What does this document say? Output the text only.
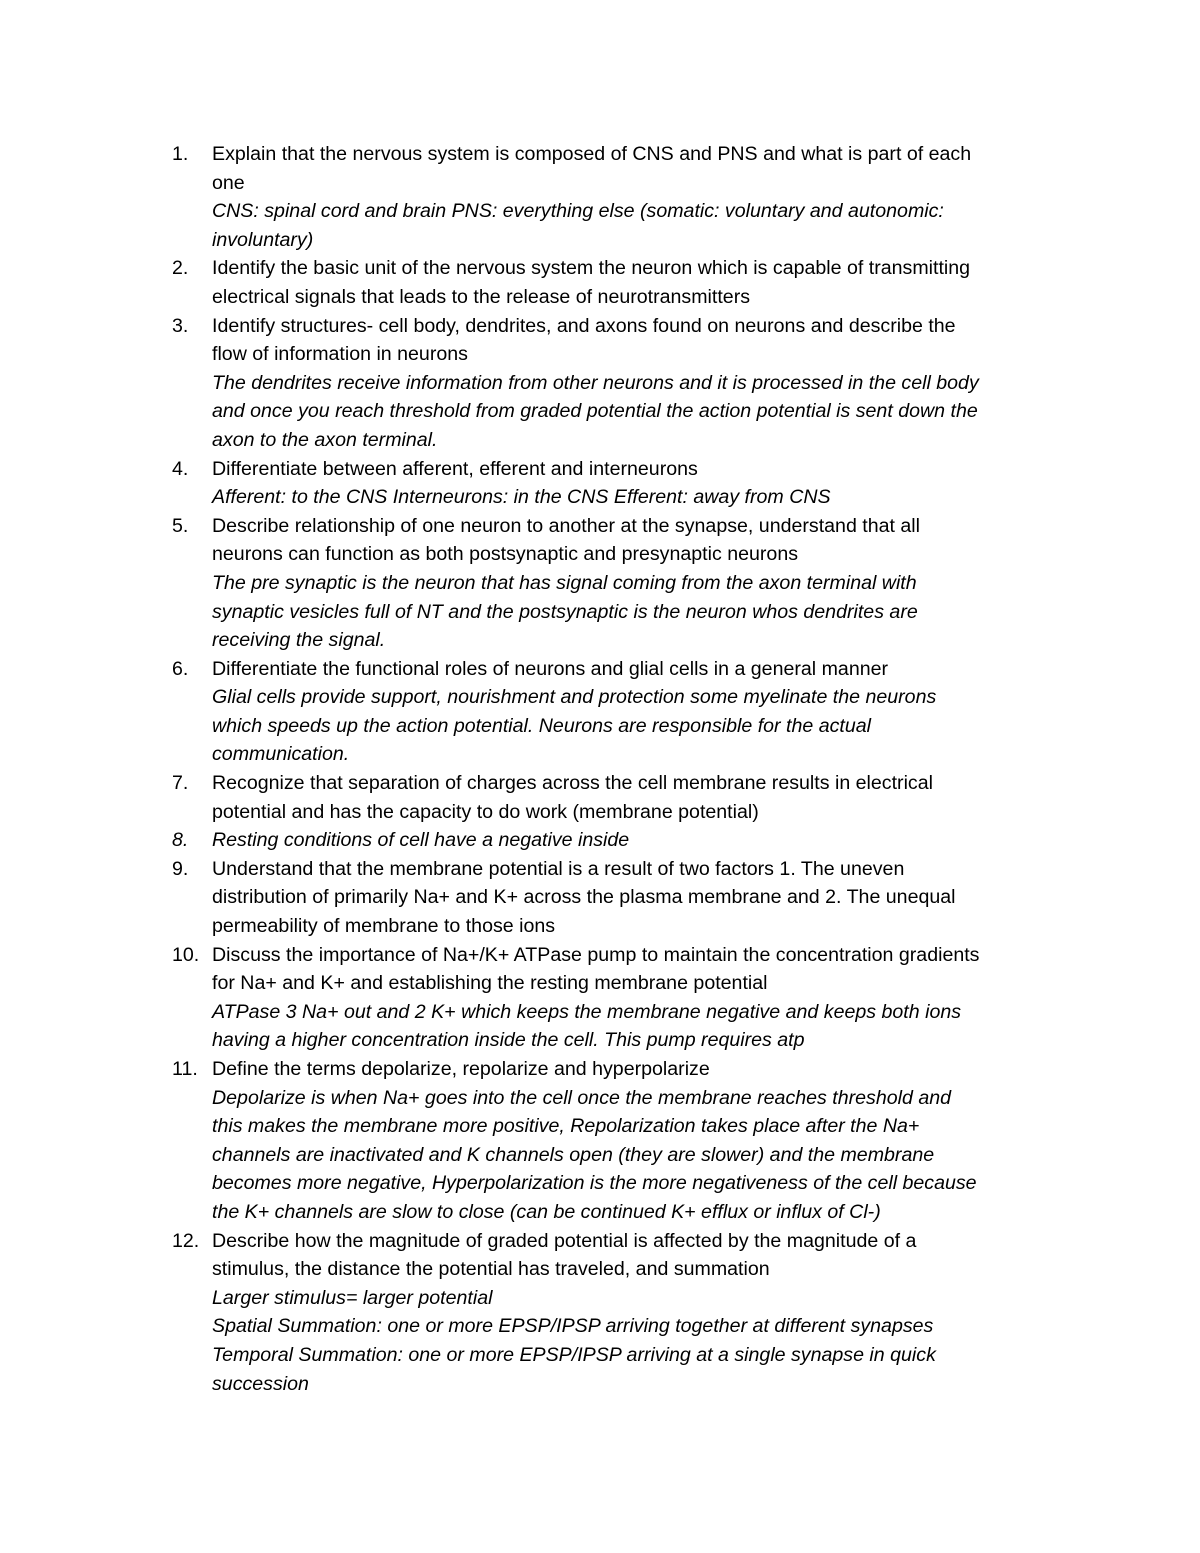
1.	Explain that the nervous system is composed of CNS and PNS and what is part of each
one
CNS: spinal cord and brain PNS: everything else (somatic: voluntary and autonomic:
involuntary)
2.	Identify the basic unit of the nervous system the neuron which is capable of transmitting
electrical signals that leads to the release of neurotransmitters
3.	Identify structures- cell body, dendrites, and axons found on neurons and describe the
flow of information in neurons
The dendrites receive information from other neurons and it is processed in the cell body
and once you reach threshold from graded potential the action potential is sent down the
axon to the axon terminal.
4.	Differentiate between afferent, efferent and interneurons
Afferent: to the CNS Interneurons: in the CNS Efferent: away from CNS
5.	Describe relationship of one neuron to another at the synapse, understand that all
neurons can function as both postsynaptic and presynaptic neurons
The pre synaptic is the neuron that has signal coming from the axon terminal with
synaptic vesicles full of NT and the postsynaptic is the neuron whos dendrites are
receiving the signal.
6.	Differentiate the functional roles of neurons and glial cells in a general manner
Glial cells provide support, nourishment and protection some myelinate the neurons
which speeds up the action potential. Neurons are responsible for the actual
communication.
7.	Recognize that separation of charges across the cell membrane results in electrical
potential and has the capacity to do work (membrane potential)
8.	Resting conditions of cell have a negative inside
9.	Understand that the membrane potential is a result of two factors 1. The uneven
distribution of primarily Na+ and K+ across the plasma membrane and 2. The unequal
permeability of membrane to those ions
10. Discuss the importance of Na+/K+ ATPase pump to maintain the concentration gradients
for Na+ and K+ and establishing the resting membrane potential
ATPase 3 Na+ out and 2 K+ which keeps the membrane negative and keeps both ions
having a higher concentration inside the cell. This pump requires atp
11. Define the terms depolarize, repolarize and hyperpolarize
Depolarize is when Na+ goes into the cell once the membrane reaches threshold and
this makes the membrane more positive, Repolarization takes place after the Na+
channels are inactivated and K channels open (they are slower) and the membrane
becomes more negative, Hyperpolarization is the more negativeness of the cell because
the K+ channels are slow to close (can be continued K+ efflux or influx of Cl-)
12. Describe how the magnitude of graded potential is affected by the magnitude of a
stimulus, the distance the potential has traveled, and summation
Larger stimulus= larger potential
Spatial Summation: one or more EPSP/IPSP arriving together at different synapses
Temporal Summation: one or more EPSP/IPSP arriving at a single synapse in quick
succession
